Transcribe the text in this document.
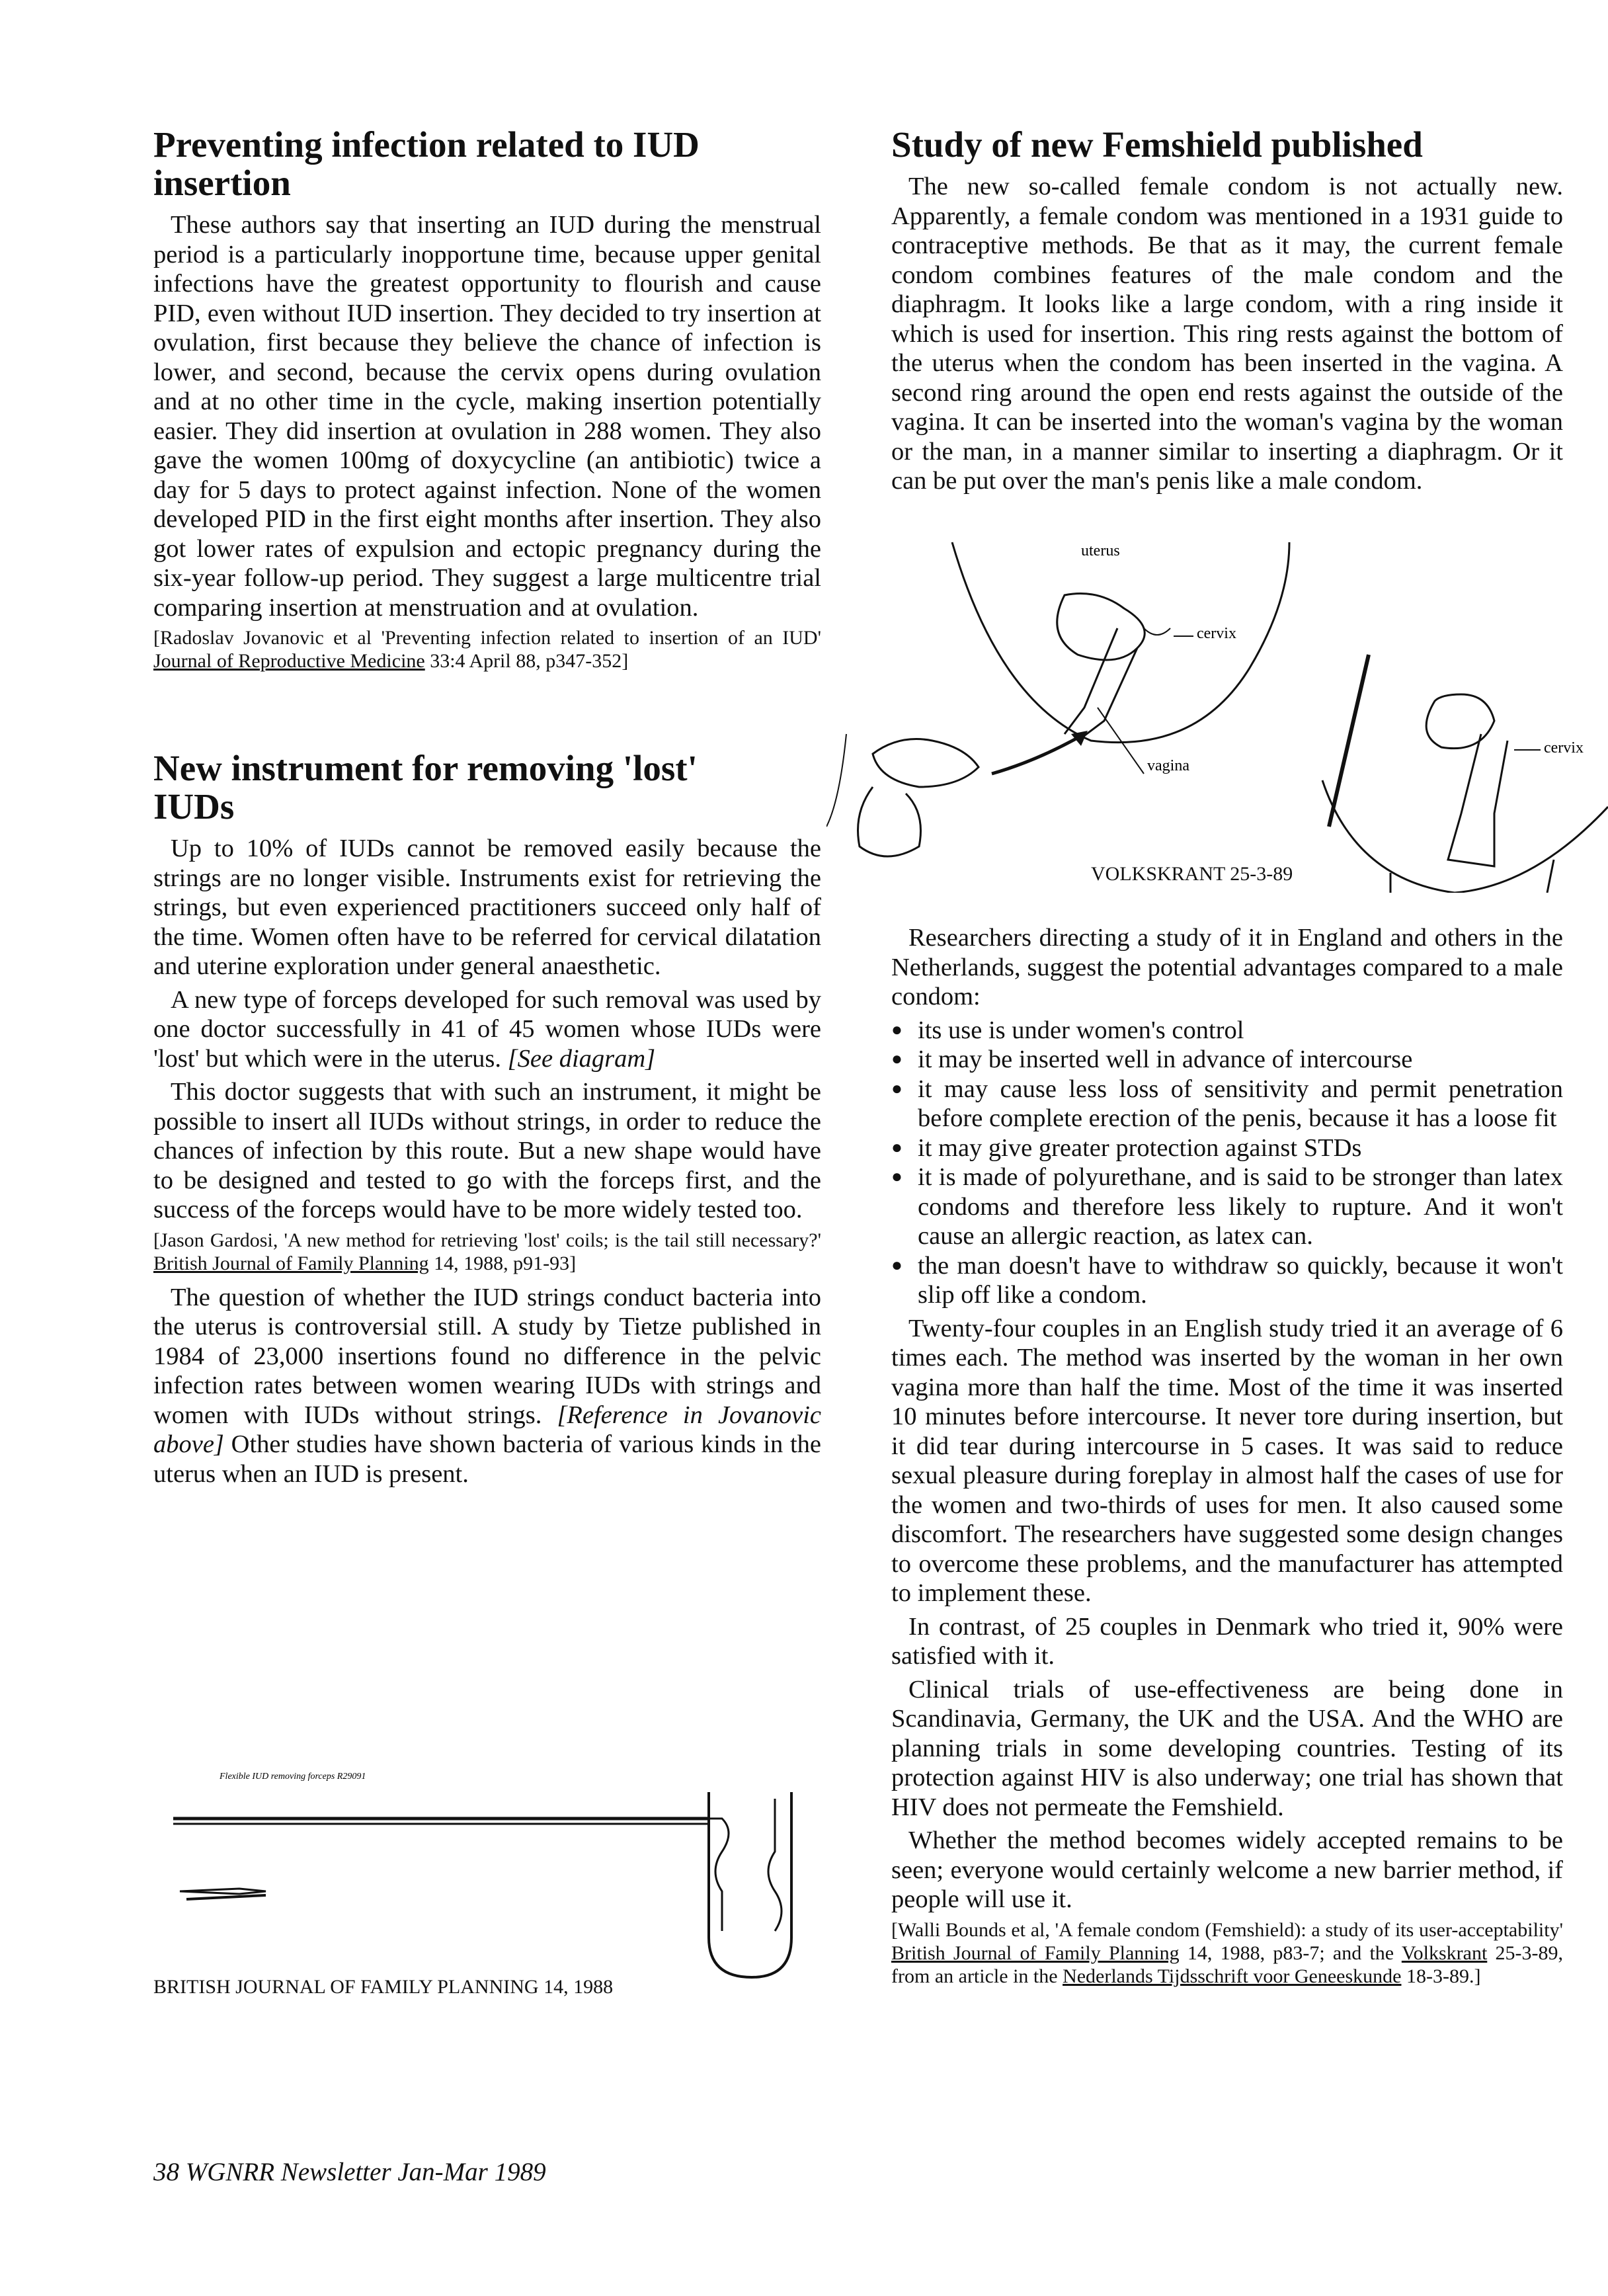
Preventing infection related to IUD insertion

These authors say that inserting an IUD during the menstrual period is a particularly inopportune time, because upper genital infections have the greatest opportunity to flourish and cause PID, even without IUD insertion. They decided to try insertion at ovulation, first because they believe the chance of infection is lower, and second, because the cervix opens during ovulation and at no other time in the cycle, making insertion potentially easier. They did insertion at ovulation in 288 women. They also gave the women 100mg of doxycycline (an antibiotic) twice a day for 5 days to protect against infection. None of the women developed PID in the first eight months after insertion. They also got lower rates of expulsion and ectopic pregnancy during the six-year follow-up period. They suggest a large multicentre trial comparing insertion at menstruation and at ovulation.

[Radoslav Jovanovic et al 'Preventing infection related to insertion of an IUD' Journal of Reproductive Medicine 33:4 April 88, p347-352]

New instrument for removing 'lost' IUDs

Up to 10% of IUDs cannot be removed easily because the strings are no longer visible. Instruments exist for retrieving the strings, but even experienced practitioners succeed only half of the time. Women often have to be referred for cervical dilatation and uterine exploration under general anaesthetic.

A new type of forceps developed for such removal was used by one doctor successfully in 41 of 45 women whose IUDs were 'lost' but which were in the uterus. [See diagram]

This doctor suggests that with such an instrument, it might be possible to insert all IUDs without strings, in order to reduce the chances of infection by this route. But a new shape would have to be designed and tested to go with the forceps first, and the success of the forceps would have to be more widely tested too.

[Jason Gardosi, 'A new method for retrieving 'lost' coils; is the tail still necessary?' British Journal of Family Planning 14, 1988, p91-93]

The question of whether the IUD strings conduct bacteria into the uterus is controversial still. A study by Tietze published in 1984 of 23,000 insertions found no difference in the pelvic infection rates between women wearing IUDs with strings and women with IUDs without strings. [Reference in Jovanovic above] Other studies have shown bacteria of various kinds in the uterus when an IUD is present.

Flexible IUD removing forceps R29091
BRITISH JOURNAL OF FAMILY PLANNING 14, 1988
Study of new Femshield published

The new so-called female condom is not actually new. Apparently, a female condom was mentioned in a 1931 guide to contraceptive methods. Be that as it may, the current female condom combines features of the male condom and the diaphragm. It looks like a large condom, with a ring inside it which is used for insertion. This ring rests against the bottom of the uterus when the condom has been inserted in the vagina. A second ring around the open end rests against the outside of the vagina. It can be inserted into the woman's vagina by the woman or the man, in a manner similar to inserting a diaphragm. Or it can be put over the man's penis like a male condom.

uterus
cervix
vagina
cervix
VOLKSKRANT 25-3-89

Researchers directing a study of it in England and others in the Netherlands, suggest the potential advantages compared to a male condom:

● its use is under women's control
● it may be inserted well in advance of intercourse
● it may cause less loss of sensitivity and permit penetration before complete erection of the penis, because it has a loose fit
● it may give greater protection against STDs
● it is made of polyurethane, and is said to be stronger than latex condoms and therefore less likely to rupture. And it won't cause an allergic reaction, as latex can.
● the man doesn't have to withdraw so quickly, because it won't slip off like a condom.

Twenty-four couples in an English study tried it an average of 6 times each. The method was inserted by the woman in her own vagina more than half the time. Most of the time it was inserted 10 minutes before intercourse. It never tore during insertion, but it did tear during intercourse in 5 cases. It was said to reduce sexual pleasure during foreplay in almost half the cases of use for the women and two-thirds of uses for men. It also caused some discomfort. The researchers have suggested some design changes to overcome these problems, and the manufacturer has attempted to implement these.

In contrast, of 25 couples in Denmark who tried it, 90% were satisfied with it.

Clinical trials of use-effectiveness are being done in Scandinavia, Germany, the UK and the USA. And the WHO are planning trials in some developing countries. Testing of its protection against HIV is also underway; one trial has shown that HIV does not permeate the Femshield.

Whether the method becomes widely accepted remains to be seen; everyone would certainly welcome a new barrier method, if people will use it.

[Walli Bounds et al, 'A female condom (Femshield): a study of its user-acceptability' British Journal of Family Planning 14, 1988, p83-7; and the Volkskrant 25-3-89, from an article in the Nederlands Tijdsschrift voor Geneeskunde 18-3-89.]

38 WGNRR Newsletter Jan-Mar 1989
